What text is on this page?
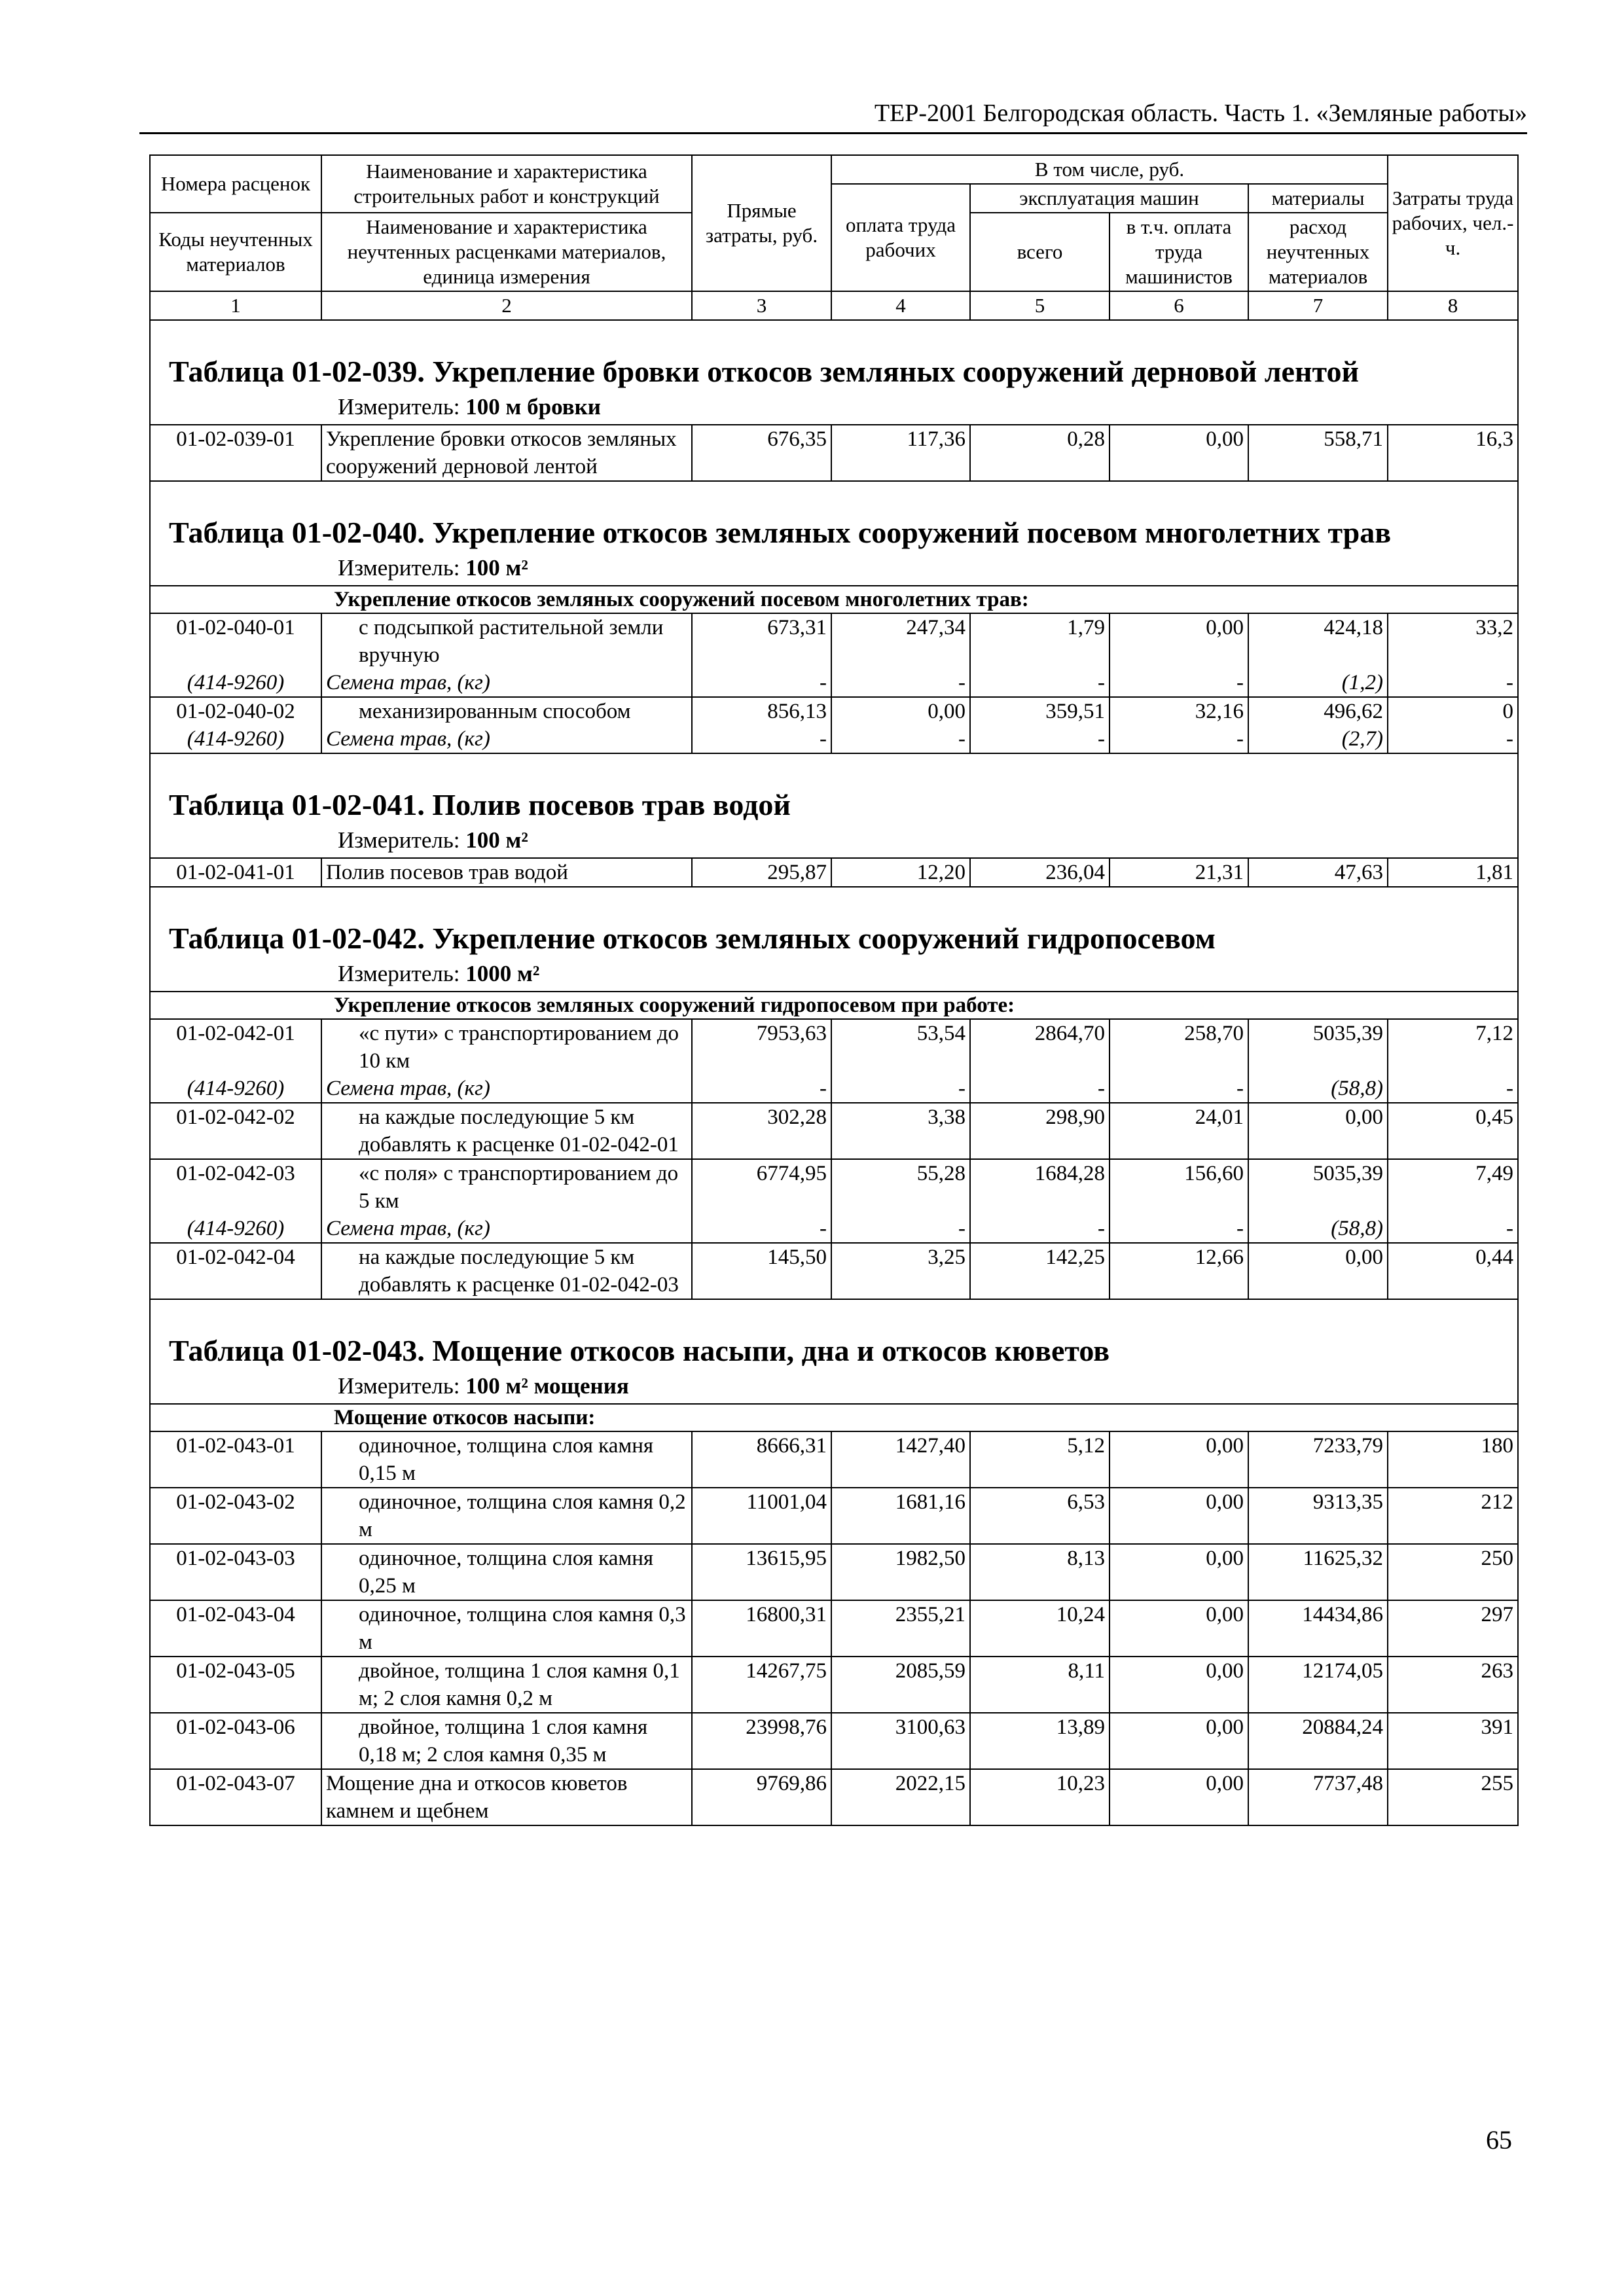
ТЕР-2001 Белгородская область. Часть 1. «Земляные работы»
Номера расценок	Наименование и характеристика строительных работ и конструкций	Прямые затраты, руб.	В том числе, руб.				Затраты труда рабочих, чел.-ч.
			оплата труда рабочих	эксплуатация машин		материалы	
Коды неучтенных материалов	Наименование и характеристика неучтенных расценками материалов, единица измерения			всего	в т.ч. оплата труда машинистов	расход неучтенных материалов	

1	2	3	4	5	6	7	8

Таблица 01-02-039. Укрепление бровки откосов земляных сооружений дерновой лентой							

Измеритель: 100 м бровки							

01-02-039-01	Укрепление бровки откосов земляных сооружений дерновой лентой	676,35	117,36	0,28	0,00	558,71	16,3

Таблица 01-02-040. Укрепление откосов земляных сооружений посевом многолетних трав							

Измеритель: 100 м²							

Укрепление откосов земляных сооружений посевом многолетних трав:							
01-02-040-01	с подсыпкой растительной земли вручную	673,31	247,34	1,79	0,00	424,18	33,2
(414-9260)	Семена трав, (кг)	-	-	-	-	(1,2)	-
01-02-040-02	механизированным способом	856,13	0,00	359,51	32,16	496,62	0
(414-9260)	Семена трав, (кг)	-	-	-	-	(2,7)	-

Таблица 01-02-041. Полив посевов трав водой							

Измеритель: 100 м²							

01-02-041-01	Полив посевов трав водой	295,87	12,20	236,04	21,31	47,63	1,81

Таблица 01-02-042. Укрепление откосов земляных сооружений гидропосевом							

Измеритель: 1000 м²							

Укрепление откосов земляных сооружений гидропосевом при работе:							
01-02-042-01	«с пути» с транспортированием до 10 км	7953,63	53,54	2864,70	258,70	5035,39	7,12
(414-9260)	Семена трав, (кг)	-	-	-	-	(58,8)	-
01-02-042-02	на каждые последующие 5 км добавлять к расценке 01-02-042-01	302,28	3,38	298,90	24,01	0,00	0,45
01-02-042-03	«с поля» с транспортированием до 5 км	6774,95	55,28	1684,28	156,60	5035,39	7,49
(414-9260)	Семена трав, (кг)	-	-	-	-	(58,8)	-
01-02-042-04	на каждые последующие 5 км добавлять к расценке 01-02-042-03	145,50	3,25	142,25	12,66	0,00	0,44

Таблица 01-02-043. Мощение откосов насыпи, дна и откосов кюветов							

Измеритель: 100 м² мощения							

Мощение откосов насыпи:							
01-02-043-01	одиночное, толщина слоя камня 0,15 м	8666,31	1427,40	5,12	0,00	7233,79	180
01-02-043-02	одиночное, толщина слоя камня 0,2 м	11001,04	1681,16	6,53	0,00	9313,35	212
01-02-043-03	одиночное, толщина слоя камня 0,25 м	13615,95	1982,50	8,13	0,00	11625,32	250
01-02-043-04	одиночное, толщина слоя камня 0,3 м	16800,31	2355,21	10,24	0,00	14434,86	297
01-02-043-05	двойное, толщина 1 слоя камня 0,1 м; 2 слоя камня 0,2 м	14267,75	2085,59	8,11	0,00	12174,05	263
01-02-043-06	двойное, толщина 1 слоя камня 0,18 м; 2 слоя камня 0,35 м	23998,76	3100,63	13,89	0,00	20884,24	391
01-02-043-07	Мощение дна и откосов кюветов камнем и щебнем	9769,86	2022,15	10,23	0,00	7737,48	255
65
